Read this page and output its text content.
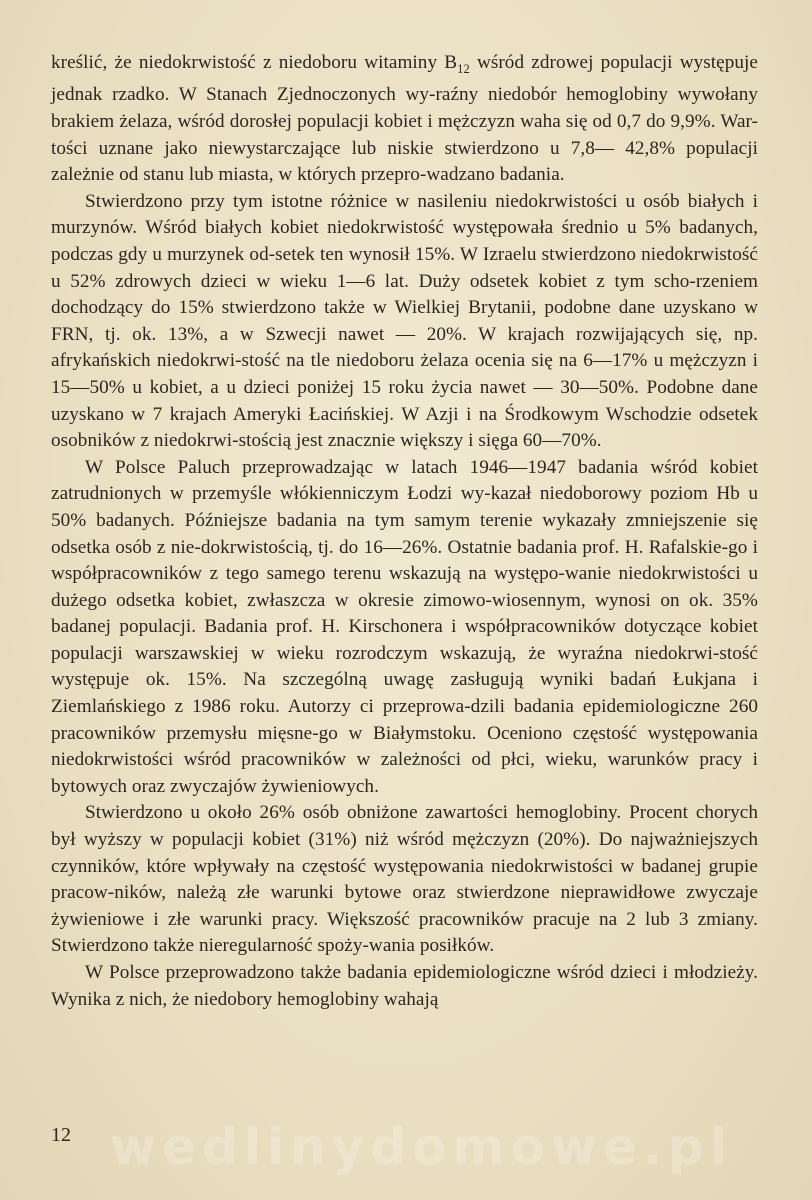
kreślić, że niedokrwistość z niedoboru witaminy $B_{12}$ wśród zdrowej populacji występuje jednak rzadko. W Stanach Zjednoczonych wy-raźny niedobór hemoglobiny wywołany brakiem żelaza, wśród dorosłej populacji kobiet i mężczyzn waha się od 0,7 do 9,9%. War-tości uznane jako niewystarczające lub niskie stwierdzono u 7,8— 42,8% populacji zależnie od stanu lub miasta, w których przepro-wadzano badania.

Stwierdzono przy tym istotne różnice w nasileniu niedokrwistości u osób białych i murzynów. Wśród białych kobiet niedokrwistość występowała średnio u 5% badanych, podczas gdy u murzynek od-setek ten wynosił 15%. W Izraelu stwierdzono niedokrwistość u 52% zdrowych dzieci w wieku 1—6 lat. Duży odsetek kobiet z tym scho-rzeniem dochodzący do 15% stwierdzono także w Wielkiej Brytanii, podobne dane uzyskano w FRN, tj. ok. 13%, a w Szwecji nawet — 20%. W krajach rozwijających się, np. afrykańskich niedokrwi-stość na tle niedoboru żelaza ocenia się na 6—17% u mężczyzn i 15—50% u kobiet, a u dzieci poniżej 15 roku życia nawet — 30—50%. Podobne dane uzyskano w 7 krajach Ameryki Łacińskiej. W Azji i na Środkowym Wschodzie odsetek osobników z niedokrwi-stością jest znacznie większy i sięga 60—70%.

W Polsce Paluch przeprowadzając w latach 1946—1947 badania wśród kobiet zatrudnionych w przemyśle włókienniczym Łodzi wy-kazał niedoborowy poziom Hb u 50% badanych. Późniejsze badania na tym samym terenie wykazały zmniejszenie się odsetka osób z nie-dokrwistością, tj. do 16—26%. Ostatnie badania prof. H. Rafalskie-go i współpracowników z tego samego terenu wskazują na występo-wanie niedokrwistości u dużego odsetka kobiet, zwłaszcza w okresie zimowo-wiosennym, wynosi on ok. 35% badanej populacji. Badania prof. H. Kirschonera i współpracowników dotyczące kobiet populacji warszawskiej w wieku rozrodczym wskazują, że wyraźna niedokrwi-stość występuje ok. 15%. Na szczególną uwagę zasługują wyniki badań Łukjana i Ziemlańskiego z 1986 roku. Autorzy ci przeprowa-dzili badania epidemiologiczne 260 pracowników przemysłu mięsne-go w Białymstoku. Oceniono częstość występowania niedokrwistości wśród pracowników w zależności od płci, wieku, warunków pracy i bytowych oraz zwyczajów żywieniowych.

Stwierdzono u około 26% osób obniżone zawartości hemoglobiny. Procent chorych był wyższy w populacji kobiet (31%) niż wśród mężczyzn (20%). Do najważniejszych czynników, które wpływały na częstość występowania niedokrwistości w badanej grupie pracow-ników, należą złe warunki bytowe oraz stwierdzone nieprawidłowe zwyczaje żywieniowe i złe warunki pracy. Większość pracowników pracuje na 2 lub 3 zmiany. Stwierdzono także nieregularność spoży-wania posiłków.

W Polsce przeprowadzono także badania epidemiologiczne wśród dzieci i młodzieży. Wynika z nich, że niedobory hemoglobiny wahają

wedlinydomowe.pl
12
